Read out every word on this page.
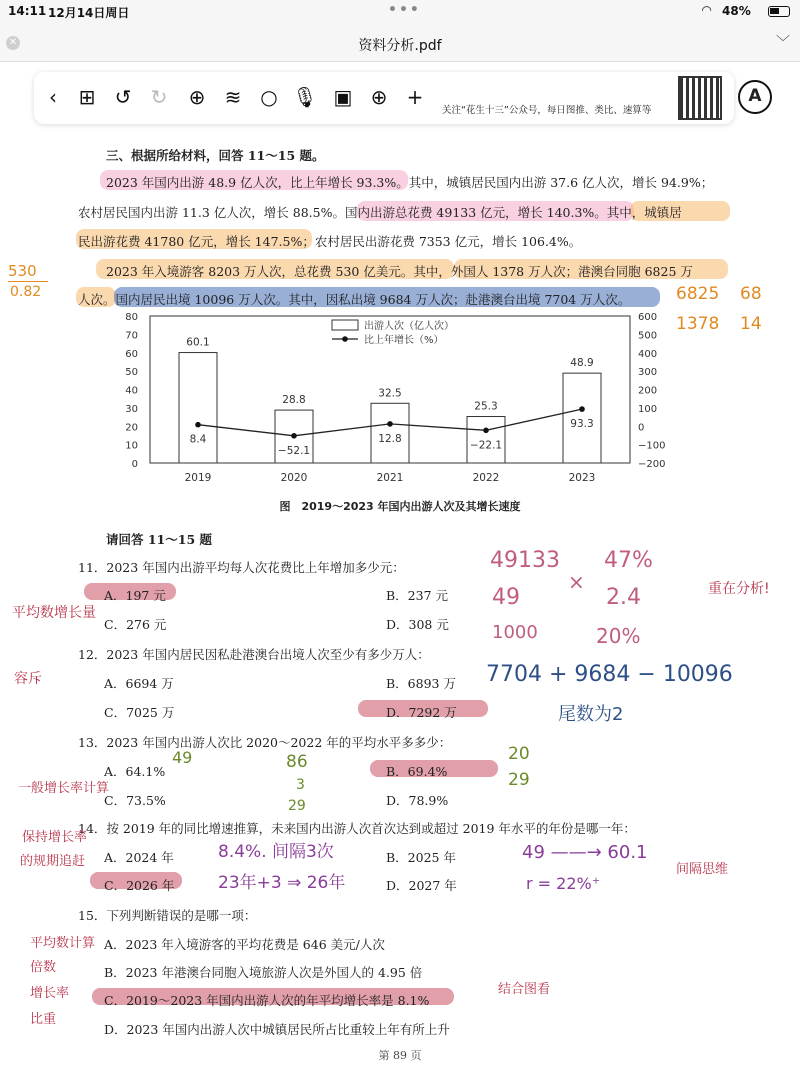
14:11 12月14日周日	•••	◠ 48%
✕	资料分析.pdf	﹀
‹	⊞ ↺ ↻ ⊕ ≋ ○ 🎙︎ ▣ ⊕ +
关注“花生十三”公众号，每日图推、类比、速算等
A
三、根据所给材料，回答 11～15 题。
2023 年国内出游 48.9 亿人次，比上年增长 93.3%。其中，城镇居民国内出游 37.6 亿人次，增长 94.9%；
农村居民国内出游 11.3 亿人次，增长 88.5%。国内出游总花费 49133 亿元，增长 140.3%。其中，城镇居
民出游花费 41780 亿元，增长 147.5%；农村居民出游花费 7353 亿元，增长 106.4%。
2023 年入境游客 8203 万人次，总花费 530 亿美元。其中，外国人 1378 万人次；港澳台同胞 6825 万
人次。国内居民出境 10096 万人次。其中，因私出境 9684 万人次；赴港澳台出境 7704 万人次。
0
10
20
30
40
50
60
70
80
−200
−100
0
100
200
300
400
500
600
60.1
2019
28.8
2020
32.5
2021
25.3
2022
48.9
2023
8.4
−52.1
12.8
−22.1
93.3
出游人次（亿人次）
比上年增长（%）
图　2019～2023 年国内出游人次及其增长速度
请回答 11～15 题
11．2023 年国内出游平均每人次花费比上年增加多少元：
A．197 元	B．237 元
C．276 元	D．308 元
12．2023 年国内居民因私赴港澳台出境人次至少有多少万人：
A．6694 万	B．6893 万
C．7025 万	D．7292 万
13．2023 年国内出游人次比 2020～2022 年的平均水平多多少：
A．64.1%	B．69.4%
C．73.5%	D．78.9%
14．按 2019 年的同比增速推算，未来国内出游人次首次达到或超过 2019 年水平的年份是哪一年：
A．2024 年	B．2025 年
C．2026 年	D．2027 年
15．下列判断错误的是哪一项：
A．2023 年入境游客的平均花费是 646 美元/人次
B．2023 年港澳台同胞入境旅游人次是外国人的 4.95 倍
C．2019～2023 年国内出游人次的年平均增长率是 8.1%
D．2023 年国内出游人次中城镇居民所占比重较上年有所上升
第 89 页
530
0.82	6825
1378
68
14
49133
49
1000
×
47%
2.4
20%
重在分析!
平均数增长量
容斥	7704 + 9684 − 10096
尾数为2
49	86
3
29
20
29
一般增长率计算
保持增长率
的规期追赶	8.4%. 间隔3次
23年+3 ⇒ 26年
49 ——→ 60.1
r = 22%⁺
间隔思维
平均数计算
倍数
增长率
比重
结合图看
